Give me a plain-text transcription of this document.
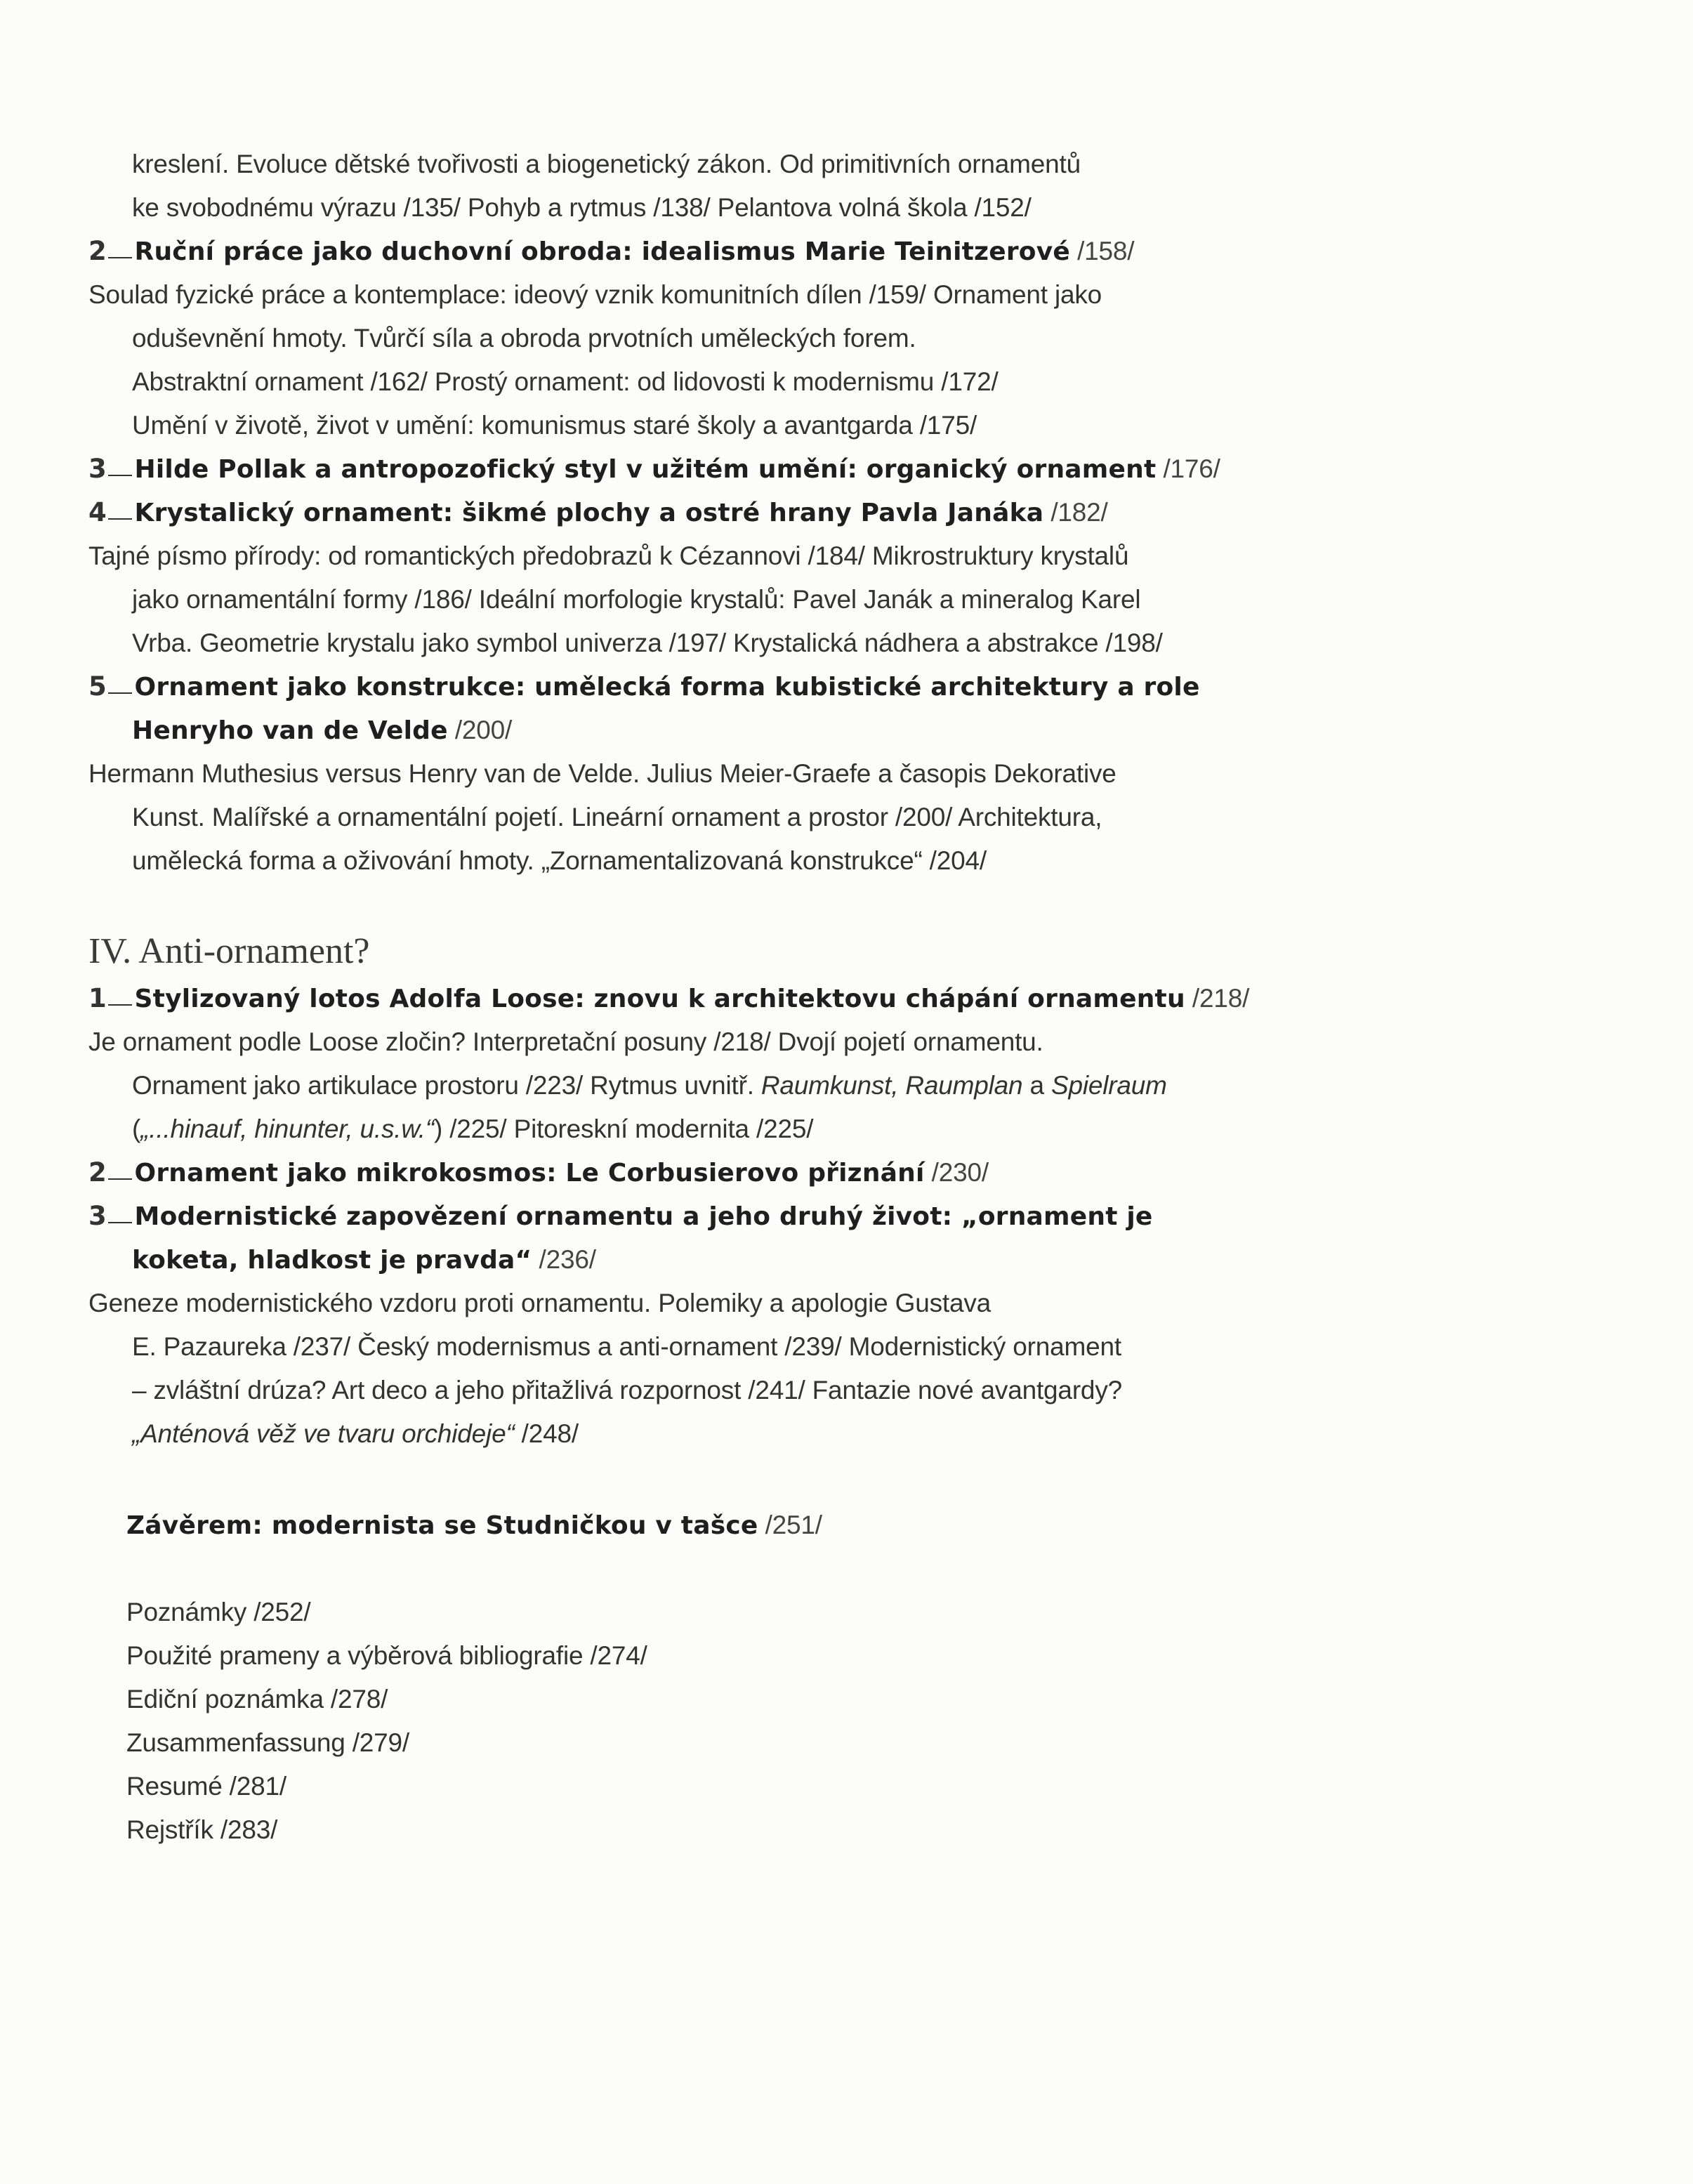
kreslení. Evoluce dětské tvořivosti a biogenetický zákon. Od primitivních ornamentů
ke svobodnému výrazu /135/ Pohyb a rytmus /138/ Pelantova volná škola /152/
2 Ruční práce jako duchovní obroda: idealismus Marie Teinitzerové /158/
Soulad fyzické práce a kontemplace: ideový vznik komunitních dílen /159/ Ornament jako
oduševnění hmoty. Tvůrčí síla a obroda prvotních uměleckých forem.
Abstraktní ornament /162/ Prostý ornament: od lidovosti k modernismu /172/
Umění v životě, život v umění: komunismus staré školy a avantgarda /175/
3 Hilde Pollak a antropozofický styl v užitém umění: organický ornament /176/
4 Krystalický ornament: šikmé plochy a ostré hrany Pavla Janáka /182/
Tajné písmo přírody: od romantických předobrazů k Cézannovi /184/ Mikrostruktury krystalů
jako ornamentální formy /186/ Ideální morfologie krystalů: Pavel Janák a mineralog Karel
Vrba. Geometrie krystalu jako symbol univerza /197/ Krystalická nádhera a abstrakce /198/
5 Ornament jako konstrukce: umělecká forma kubistické architektury a role
Henryho van de Velde /200/
Hermann Muthesius versus Henry van de Velde. Julius Meier-Graefe a časopis Dekorative
Kunst. Malířské a ornamentální pojetí. Lineární ornament a prostor /200/ Architektura,
umělecká forma a oživování hmoty. „Zornamentalizovaná konstrukce“ /204/
IV. Anti-ornament?
1 Stylizovaný lotos Adolfa Loose: znovu k architektovu chápání ornamentu /218/
Je ornament podle Loose zločin? Interpretační posuny /218/ Dvojí pojetí ornamentu.
Ornament jako artikulace prostoru /223/ Rytmus uvnitř. Raumkunst, Raumplan a Spielraum
(„...hinauf, hinunter, u.s.w.“) /225/ Pitoreskní modernita /225/
2 Ornament jako mikrokosmos: Le Corbusierovo přiznání /230/
3 Modernistické zapovězení ornamentu a jeho druhý život: „ornament je
koketa, hladkost je pravda“ /236/
Geneze modernistického vzdoru proti ornamentu. Polemiky a apologie Gustava
E. Pazaureka /237/ Český modernismus a anti-ornament /239/ Modernistický ornament
– zvláštní drúza? Art deco a jeho přitažlivá rozpornost /241/ Fantazie nové avantgardy?
„Anténová věž ve tvaru orchideje“ /248/
Závěrem: modernista se Studničkou v tašce /251/
Poznámky /252/
Použité prameny a výběrová bibliografie /274/
Ediční poznámka /278/
Zusammenfassung /279/
Resumé /281/
Rejstřík /283/
